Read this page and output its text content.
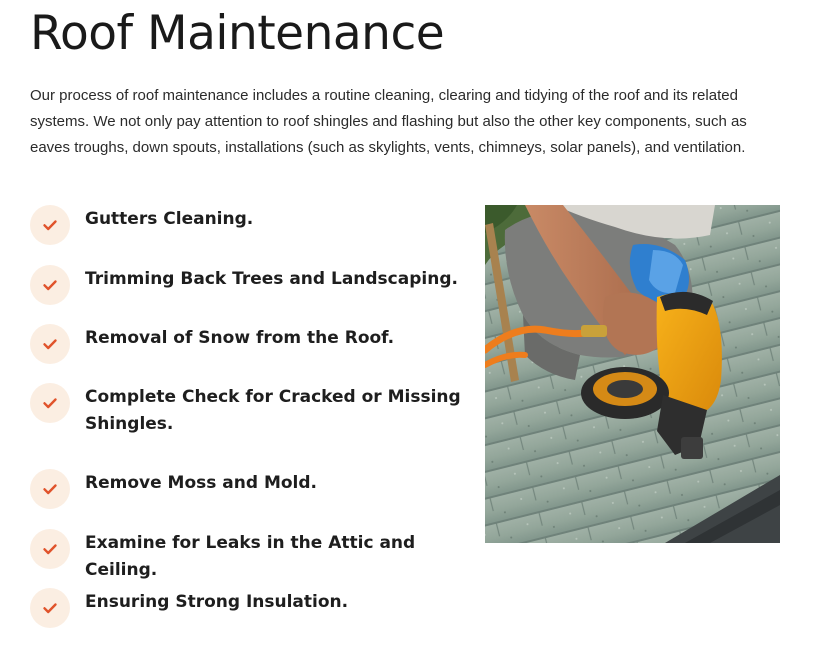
Roof Maintenance

Our process of roof maintenance includes a routine cleaning, clearing and tidying of the roof and its related systems. We not only pay attention to roof shingles and flashing but also the other key components, such as eaves troughs, down spouts, installations (such as skylights, vents, chimneys, solar panels), and ventilation.

Gutters Cleaning.
Trimming Back Trees and Landscaping.
Removal of Snow from the Roof.
Complete Check for Cracked or Missing Shingles.
Remove Moss and Mold.
Examine for Leaks in the Attic and Ceiling.
Ensuring Strong Insulation.
